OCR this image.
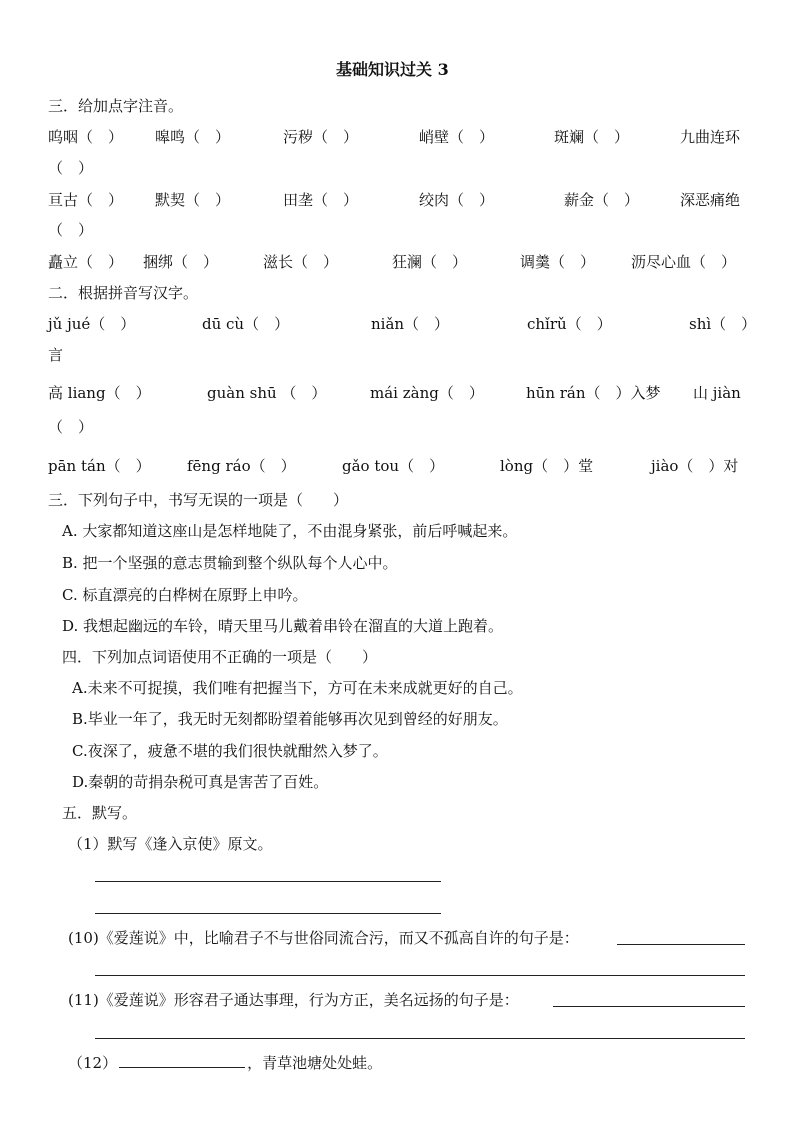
基础知识过关 3
三．给加点字注音。
呜咽（　） 嗥鸣（　）	污秽（　）	峭壁（　）	斑斓（　）	九曲连环
（　）
亘古（　） 默契（　）	田垄（　）	绞肉（　）	薪金（　）	深恶痛绝
（　）
矗立（　） 捆绑（　）	滋长（　）	狂澜（　）	调羹（　） 沥尽心血（　）
二．根据拼音写汉字。
jǔ jué（　）	dū cù（　）	niǎn（　）	chǐrǔ（　）	shì（　）
言
高 liang（　）	guàn shū （　）	mái zàng（　）	hūn rán（　）入梦 山 jiàn
（　）
pān tán（　） fēng ráo（　）	gǎo tou（　）	lòng（　）堂	jiào（　）对
三．下列句子中，书写无误的一项是（　　）
A. 大家都知道这座山是怎样地陡了，不由混身紧张，前后呼喊起来。
B. 把一个坚强的意志贯输到整个纵队每个人心中。
C. 标直漂亮的白桦树在原野上申吟。
D. 我想起幽远的车铃，晴天里马儿戴着串铃在溜直的大道上跑着。
四．下列加点词语使用不正确的一项是（　　）
A.未来不可捉摸，我们唯有把握当下，方可在未来成就更好的自己。
B.毕业一年了，我无时无刻都盼望着能够再次见到曾经的好朋友。
C.夜深了，疲惫不堪的我们很快就酣然入梦了。
D.秦朝的苛捐杂税可真是害苦了百姓。
五．默写。
（1）默写《逢入京使》原文。
(10)《爱莲说》中，比喻君子不与世俗同流合污，而又不孤高自许的句子是：
(11)《爱莲说》形容君子通达事理，行为方正，美名远扬的句子是：
（12）	，青草池塘处处蛙。
